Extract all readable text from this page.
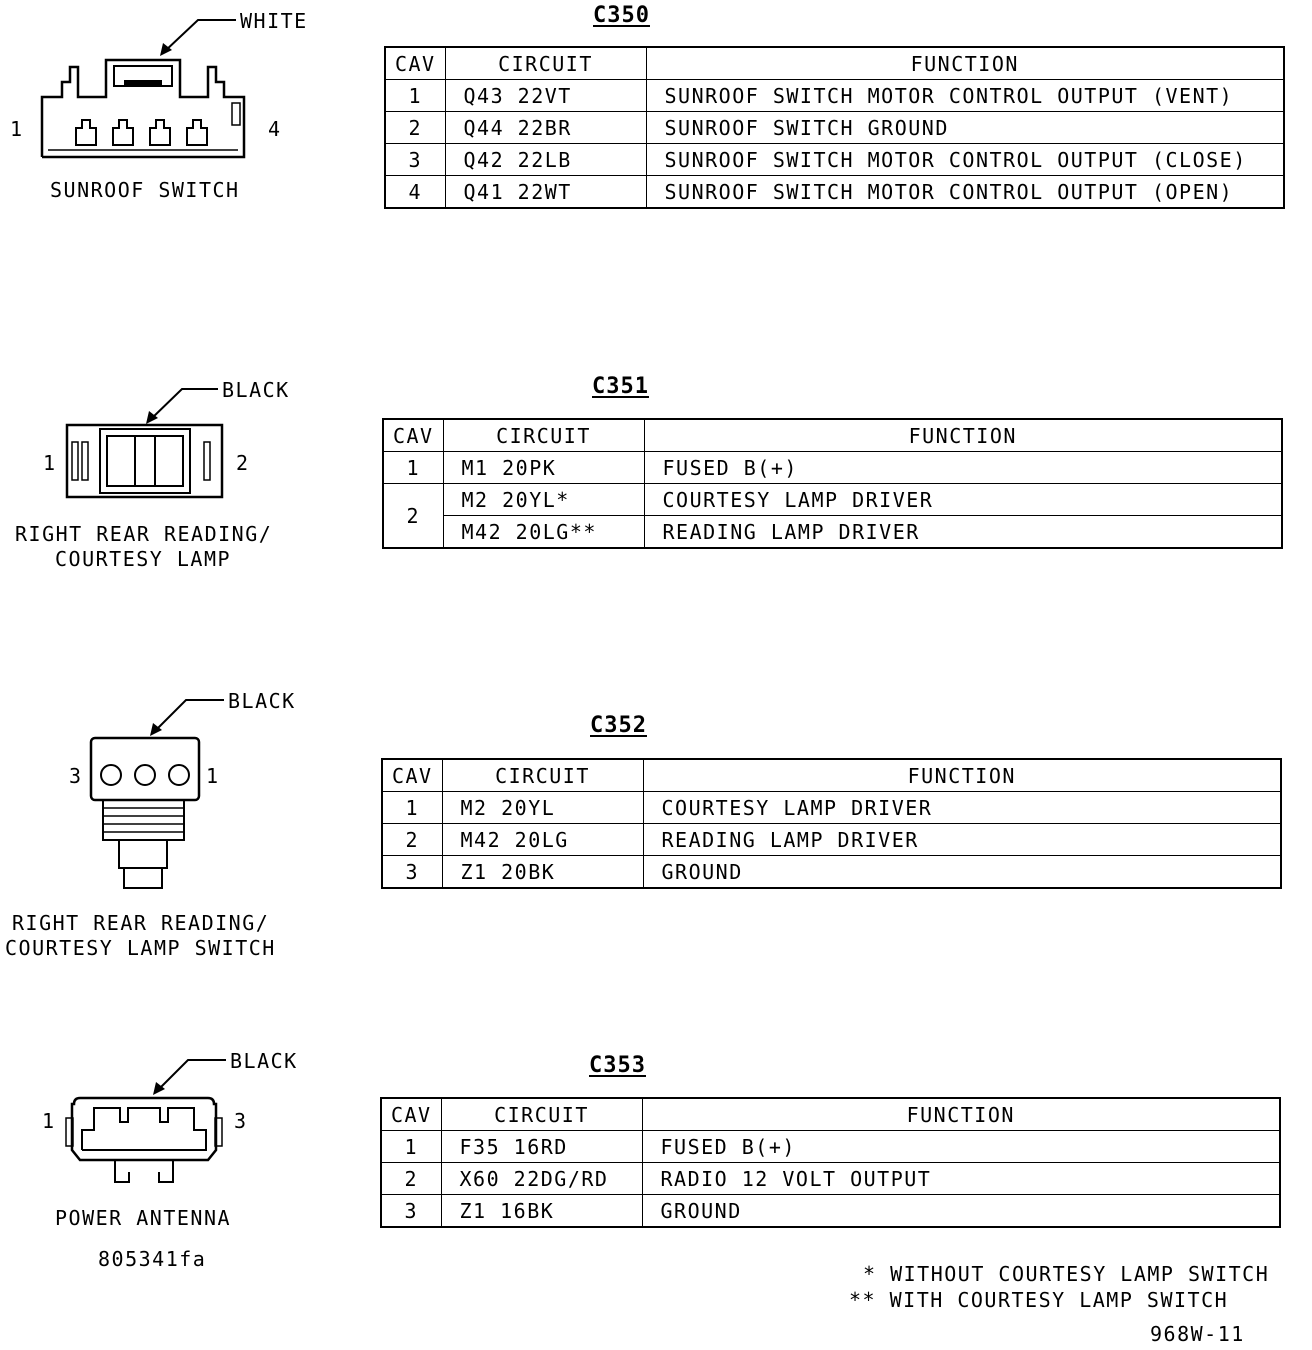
WHITE
1	4
SUNROOF SWITCH
C350
CAV	CIRCUIT	FUNCTION
1	Q43 22VT	SUNROOF SWITCH MOTOR CONTROL OUTPUT (VENT)
2	Q44 22BR	SUNROOF SWITCH GROUND
3	Q42 22LB	SUNROOF SWITCH MOTOR CONTROL OUTPUT (CLOSE)
4	Q41 22WT	SUNROOF SWITCH MOTOR CONTROL OUTPUT (OPEN)
BLACK
1	2
RIGHT REAR READING/
COURTESY LAMP
C351
CAV	CIRCUIT	FUNCTION
1	M1 20PK	FUSED B(+)
2	M2 20YL*	COURTESY LAMP DRIVER
	M42 20LG**	READING LAMP DRIVER
BLACK
3	1
RIGHT REAR READING/
COURTESY LAMP SWITCH
C352
CAV	CIRCUIT	FUNCTION
1	M2 20YL	COURTESY LAMP DRIVER
2	M42 20LG	READING LAMP DRIVER
3	Z1 20BK	GROUND
BLACK
1	3
POWER ANTENNA
805341fa
C353
CAV	CIRCUIT	FUNCTION
1	F35 16RD	FUSED B(+)
2	X60 22DG/RD	RADIO 12 VOLT OUTPUT
3	Z1 16BK	GROUND
* WITHOUT COURTESY LAMP SWITCH
** WITH COURTESY LAMP SWITCH
968W-11
